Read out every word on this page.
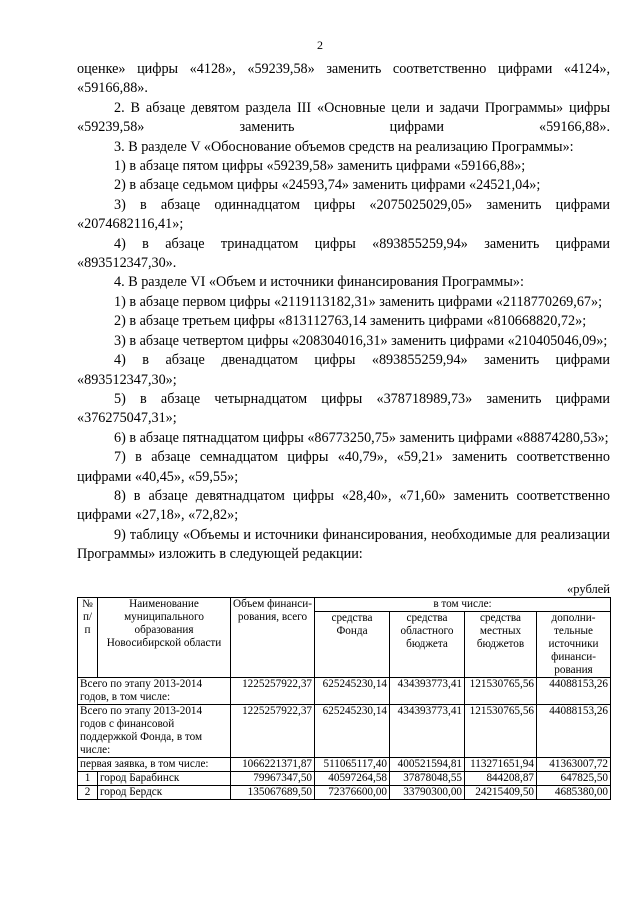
2

оценке» цифры «4128», «59239,58» заменить соответственно цифрами «4124», «59166,88».

2. В абзаце девятом раздела III «Основные цели и задачи Программы» цифры «59239,58» заменить цифрами «59166,88».

3. В разделе V «Обоснование объемов средств на реализацию Программы»:

1) в абзаце пятом цифры «59239,58» заменить цифрами «59166,88»;

2) в абзаце седьмом цифры «24593,74» заменить цифрами «24521,04»;

3) в абзаце одиннадцатом цифры «2075025029,05» заменить цифрами «2074682116,41»;

4) в абзаце тринадцатом цифры «893855259,94» заменить цифрами «893512347,30».

4. В разделе VI «Объем и источники финансирования Программы»:

1) в абзаце первом цифры «2119113182,31» заменить цифрами «2118770269,67»;

2) в абзаце третьем цифры «813112763,14 заменить цифрами «810668820,72»;

3) в абзаце четвертом цифры «208304016,31» заменить цифрами «210405046,09»;

4) в абзаце двенадцатом цифры «893855259,94» заменить цифрами «893512347,30»;

5) в абзаце четырнадцатом цифры «378718989,73» заменить цифрами «376275047,31»;

6) в абзаце пятнадцатом цифры «86773250,75» заменить цифрами «88874280,53»;

7) в абзаце семнадцатом цифры «40,79», «59,21» заменить соответственно цифрами «40,45», «59,55»;

8) в абзаце девятнадцатом цифры «28,40», «71,60» заменить соответственно цифрами «27,18», «72,82»;

9) таблицу «Объемы и источники финансирования, необходимые для реализации Программы» изложить в следующей редакции:

«рублей
№ п/п	Наименование муниципального образования Новосибирской области	Объем финанси-рования, всего	в том числе:			
			средства Фонда	средства областного бюджета	средства местных бюджетов	дополни-тельные источники финанси-рования
Всего по этапу 2013-2014 годов, в том числе:		1225257922,37	625245230,14	434393773,41	121530765,56	44088153,26
Всего по этапу 2013-2014 годов с финансовой поддержкой Фонда, в том числе:		1225257922,37	625245230,14	434393773,41	121530765,56	44088153,26
первая заявка, в том числе:		1066221371,87	511065117,40	400521594,81	113271651,94	41363007,72
1	город Барабинск	79967347,50	40597264,58	37878048,55	844208,87	647825,50
2	город Бердск	135067689,50	72376600,00	33790300,00	24215409,50	4685380,00
